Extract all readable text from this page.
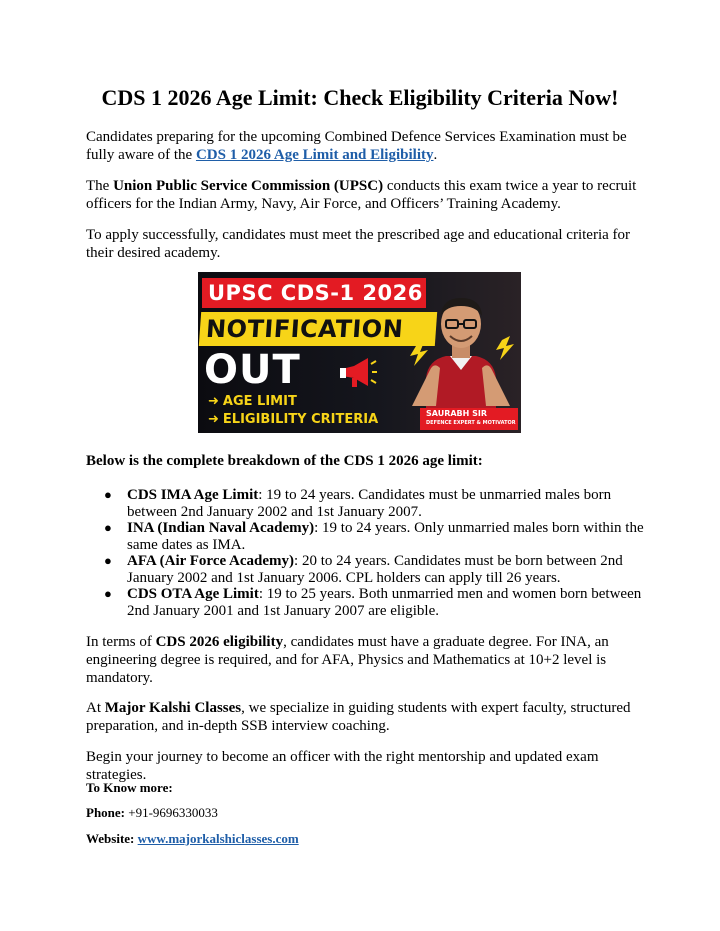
CDS 1 2026 Age Limit: Check Eligibility Criteria Now!

Candidates preparing for the upcoming Combined Defence Services Examination must be fully aware of the CDS 1 2026 Age Limit and Eligibility.

The Union Public Service Commission (UPSC) conducts this exam twice a year to recruit officers for the Indian Army, Navy, Air Force, and Officers’ Training Academy.

To apply successfully, candidates must meet the prescribed age and educational criteria for their desired academy.

UPSC CDS-1 2026
NOTIFICATION
OUT
➜ AGE LIMIT
➜ ELIGIBILITY CRITERIA	SAURABH SIR
DEFENCE EXPERT & MOTIVATOR
Below is the complete breakdown of the CDS 1 2026 age limit:
● CDS IMA Age Limit: 19 to 24 years. Candidates must be unmarried males born between 2nd January 2002 and 1st January 2007.
● INA (Indian Naval Academy): 19 to 24 years. Only unmarried males born within the same dates as IMA.
● AFA (Air Force Academy): 20 to 24 years. Candidates must be born between 2nd January 2002 and 1st January 2006. CPL holders can apply till 26 years.
● CDS OTA Age Limit: 19 to 25 years. Both unmarried men and women born between 2nd January 2001 and 1st January 2007 are eligible.

In terms of CDS 2026 eligibility, candidates must have a graduate degree. For INA, an engineering degree is required, and for AFA, Physics and Mathematics at 10+2 level is mandatory.

At Major Kalshi Classes, we specialize in guiding students with expert faculty, structured preparation, and in-depth SSB interview coaching.

Begin your journey to become an officer with the right mentorship and updated exam strategies.

To Know more:

Phone: +91-9696330033

Website: www.majorkalshiclasses.com
